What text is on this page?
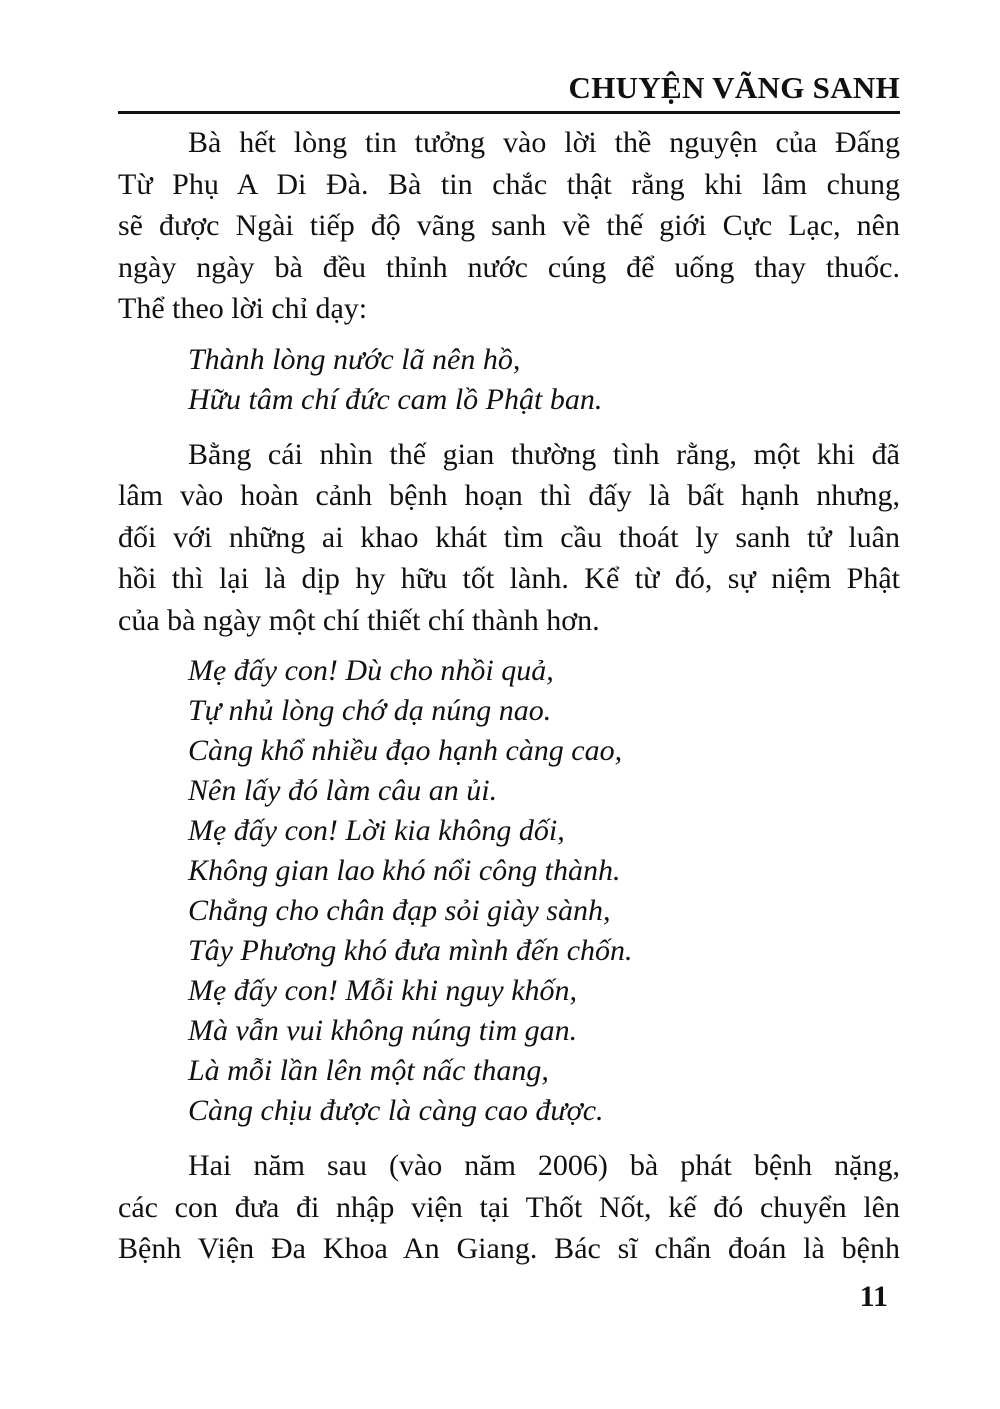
CHUYỆN VÃNG SANH
Bà hết lòng tin tưởng vào lời thề nguyện của Đấng
Từ Phụ A Di Đà. Bà tin chắc thật rằng khi lâm chung
sẽ được Ngài tiếp độ vãng sanh về thế giới Cực Lạc, nên
ngày ngày bà đều thỉnh nước cúng để uống thay thuốc.
Thể theo lời chỉ dạy:
Thành lòng nước lã nên hồ,
Hữu tâm chí đức cam lồ Phật ban.
Bằng cái nhìn thế gian thường tình rằng, một khi đã
lâm vào hoàn cảnh bệnh hoạn thì đấy là bất hạnh nhưng,
đối với những ai khao khát tìm cầu thoát ly sanh tử luân
hồi thì lại là dịp hy hữu tốt lành. Kể từ đó, sự niệm Phật
của bà ngày một chí thiết chí thành hơn.
Mẹ đấy con! Dù cho nhồi quả,
Tự nhủ lòng chớ dạ núng nao.
Càng khổ nhiều đạo hạnh càng cao,
Nên lấy đó làm câu an ủi.
Mẹ đấy con! Lời kia không dối,
Không gian lao khó nổi công thành.
Chẳng cho chân đạp sỏi giày sành,
Tây Phương khó đưa mình đến chốn.
Mẹ đấy con! Mỗi khi nguy khốn,
Mà vẫn vui không núng tim gan.
Là mỗi lần lên một nấc thang,
Càng chịu được là càng cao được.
Hai năm sau (vào năm 2006) bà phát bệnh nặng,
các con đưa đi nhập viện tại Thốt Nốt, kế đó chuyển lên
Bệnh Viện Đa Khoa An Giang. Bác sĩ chẩn đoán là bệnh
11
